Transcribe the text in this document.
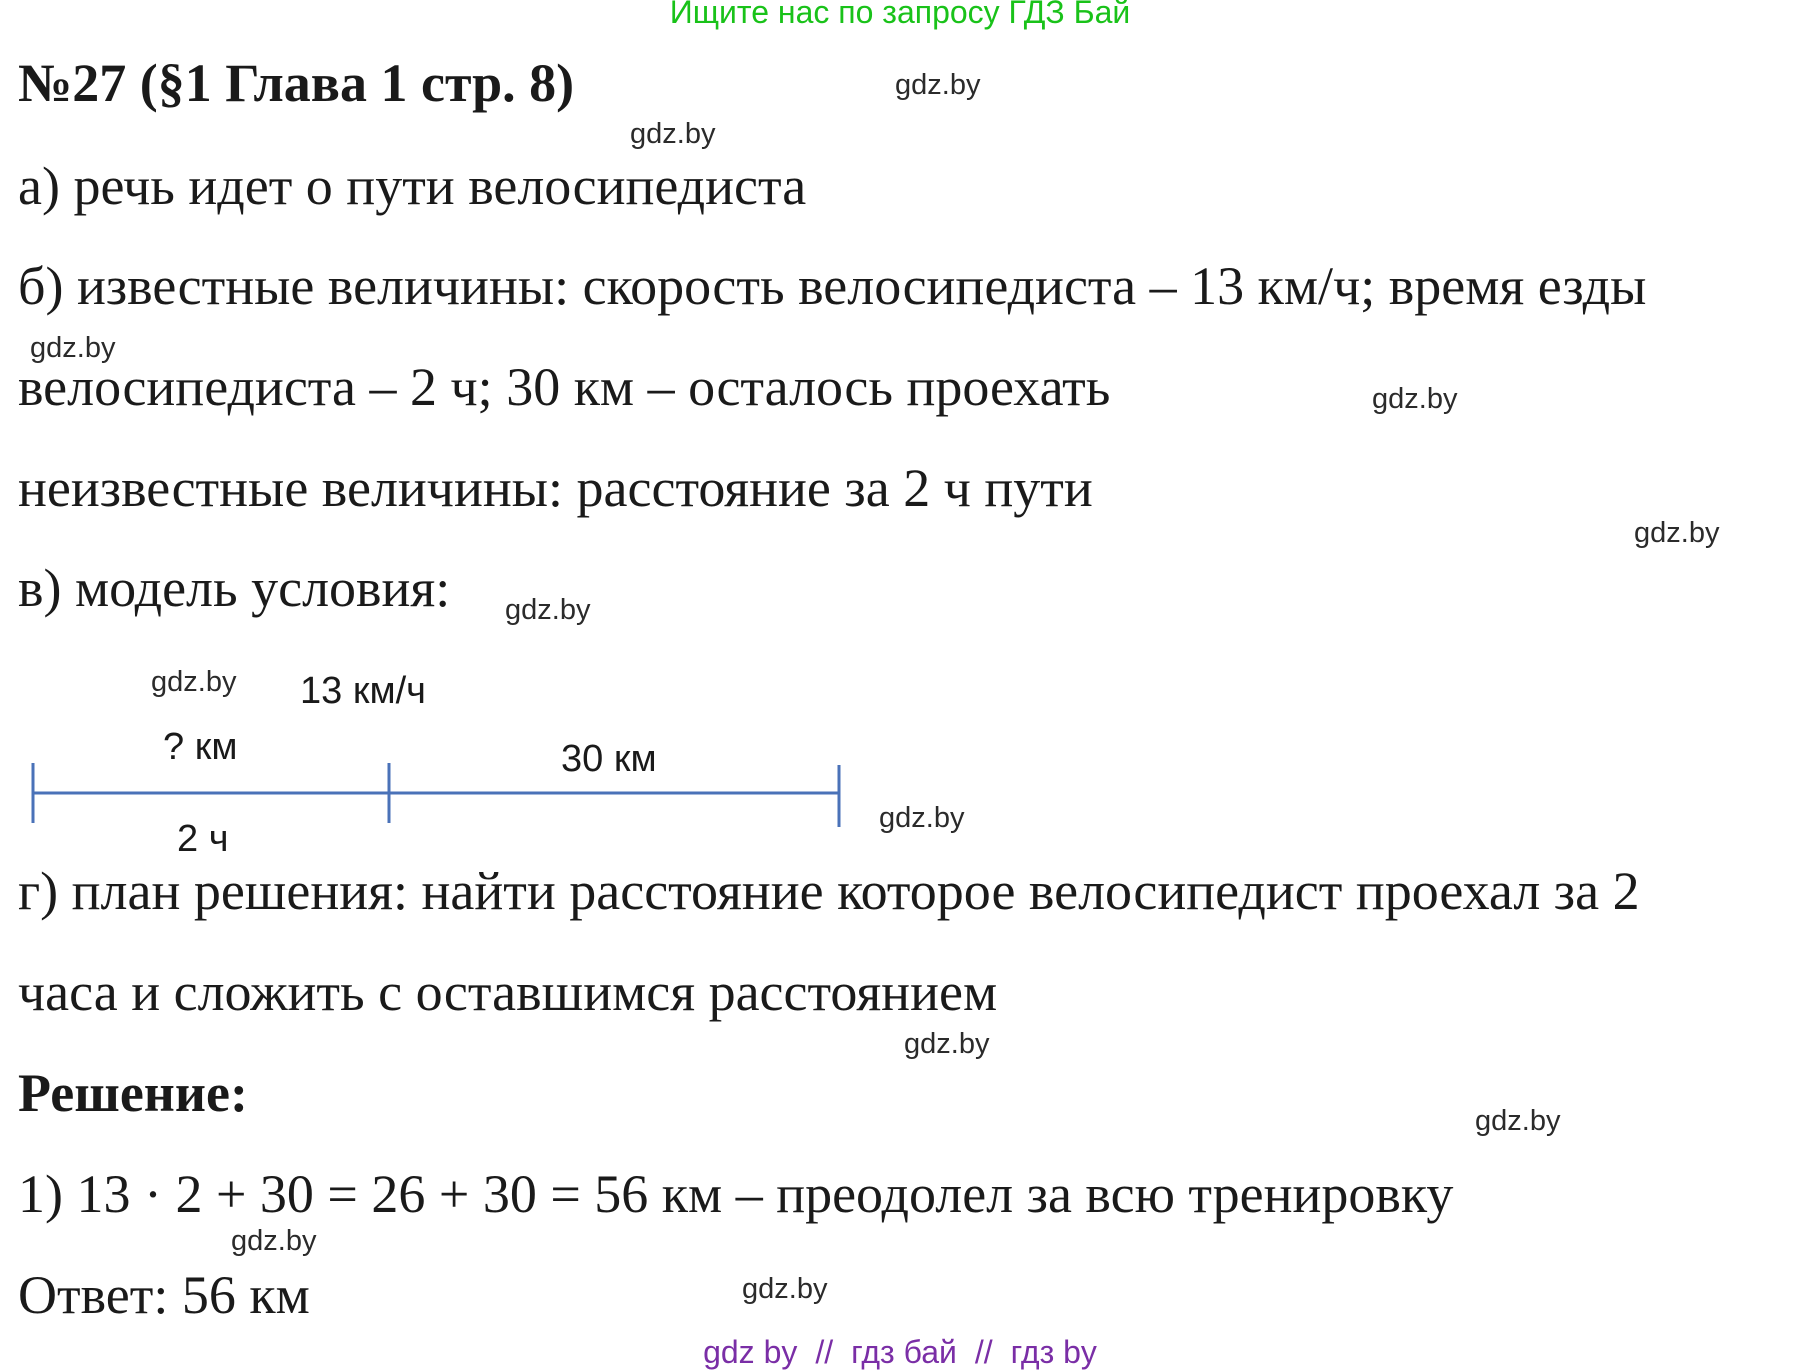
Ищите нас по запросу ГДЗ Бай
№27 (§1 Глава 1 стр. 8)
а) речь идет о пути велосипедиста
б) известные величины: скорость велосипедиста – 13 км/ч; время езды
велосипедиста – 2 ч; 30 км – осталось проехать
неизвестные величины: расстояние за 2 ч пути
в) модель условия:
13 км/ч
? км	30 км
2 ч
г) план решения: найти расстояние которое велосипедист проехал за 2
часа и сложить с оставшимся расстоянием
Решение:
1) 13 · 2 + 30 = 26 + 30 = 56 км – преодолел за всю тренировку
Ответ: 56 км
gdz.by
gdz.by
gdz.by
gdz.by
gdz.by
gdz.by
gdz.by
gdz.by
gdz.by
gdz.by
gdz.by
gdz.by
gdz by // гдз бай // гдз by
